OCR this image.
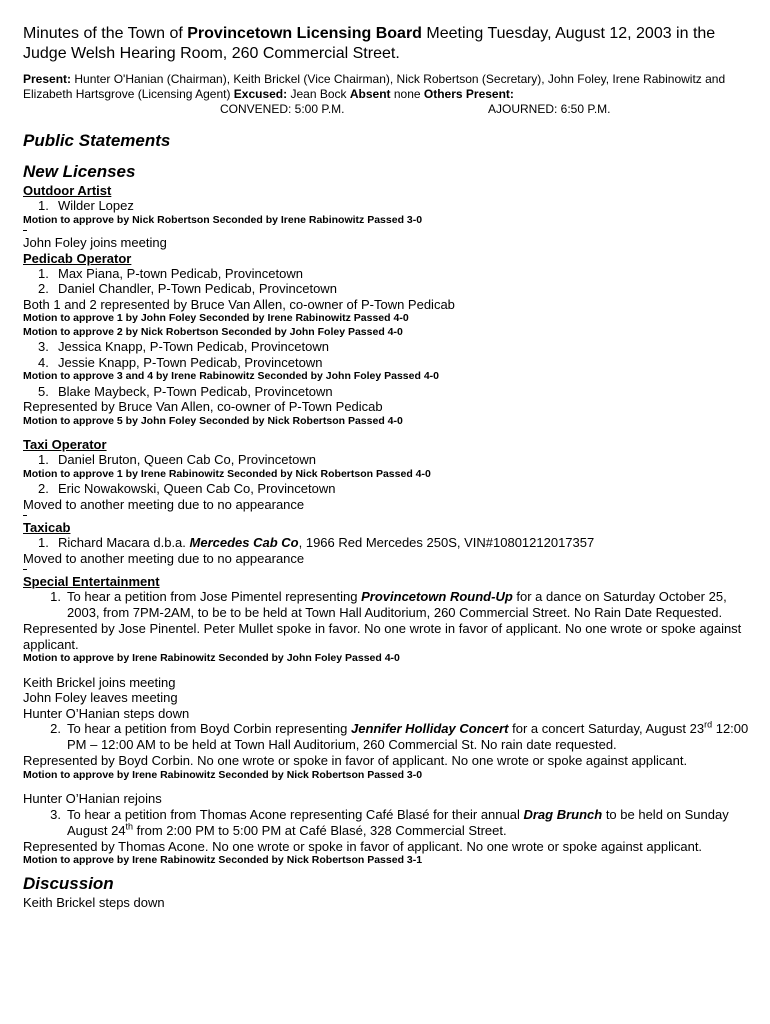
Minutes of the Town of Provincetown Licensing Board Meeting Tuesday, August 12, 2003 in the Judge Welsh Hearing Room, 260 Commercial Street.

Present: Hunter O'Hanian (Chairman), Keith Brickel (Vice Chairman), Nick Robertson (Secretary), John Foley, Irene Rabinowitz and Elizabeth Hartsgrove (Licensing Agent) Excused: Jean Bock Absent none Others Present:
CONVENED: 5:00 P.M.	AJOURNED: 6:50 P.M.
Public Statements
New Licenses
Outdoor Artist
1. Wilder Lopez
Motion to approve by Nick Robertson Seconded by Irene Rabinowitz Passed 3-0
John Foley joins meeting
Pedicab Operator
1. Max Piana, P-town Pedicab, Provincetown
2. Daniel Chandler, P-Town Pedicab, Provincetown
Both 1 and 2 represented by Bruce Van Allen, co-owner of P-Town Pedicab
Motion to approve 1 by John Foley Seconded by Irene Rabinowitz Passed 4-0
Motion to approve 2 by Nick Robertson Seconded by John Foley Passed 4-0
3. Jessica Knapp, P-Town Pedicab, Provincetown
4. Jessie Knapp, P-Town Pedicab, Provincetown
Motion to approve 3 and 4 by Irene Rabinowitz Seconded by John Foley Passed 4-0
5. Blake Maybeck, P-Town Pedicab, Provincetown
Represented by Bruce Van Allen, co-owner of P-Town Pedicab
Motion to approve 5 by John Foley Seconded by Nick Robertson Passed 4-0
Taxi Operator
1. Daniel Bruton, Queen Cab Co, Provincetown
Motion to approve 1 by Irene Rabinowitz Seconded by Nick Robertson Passed 4-0
2. Eric Nowakowski, Queen Cab Co, Provincetown
Moved to another meeting due to no appearance
Taxicab
1. Richard Macara d.b.a. Mercedes Cab Co, 1966 Red Mercedes 250S, VIN#10801212017357
Moved to another meeting due to no appearance
Special Entertainment
1. To hear a petition from Jose Pimentel representing Provincetown Round-Up for a dance on Saturday October 25, 2003, from 7PM-2AM, to be to be held at Town Hall Auditorium, 260 Commercial Street. No Rain Date Requested.
Represented by Jose Pinentel. Peter Mullet spoke in favor. No one wrote in favor of applicant. No one wrote or spoke against applicant.
Motion to approve by Irene Rabinowitz Seconded by John Foley Passed 4-0
Keith Brickel joins meeting
John Foley leaves meeting
Hunter O’Hanian steps down
2. To hear a petition from Boyd Corbin representing Jennifer Holliday Concert for a concert Saturday, August 23rd 12:00 PM – 12:00 AM to be held at Town Hall Auditorium, 260 Commercial St. No rain date requested.
Represented by Boyd Corbin. No one wrote or spoke in favor of applicant. No one wrote or spoke against applicant.
Motion to approve by Irene Rabinowitz Seconded by Nick Robertson Passed 3-0
Hunter O’Hanian rejoins
3. To hear a petition from Thomas Acone representing Café Blasé for their annual Drag Brunch to be held on Sunday August 24th from 2:00 PM to 5:00 PM at Café Blasé, 328 Commercial Street.
Represented by Thomas Acone. No one wrote or spoke in favor of applicant. No one wrote or spoke against applicant.
Motion to approve by Irene Rabinowitz Seconded by Nick Robertson Passed 3-1
Discussion
Keith Brickel steps down
